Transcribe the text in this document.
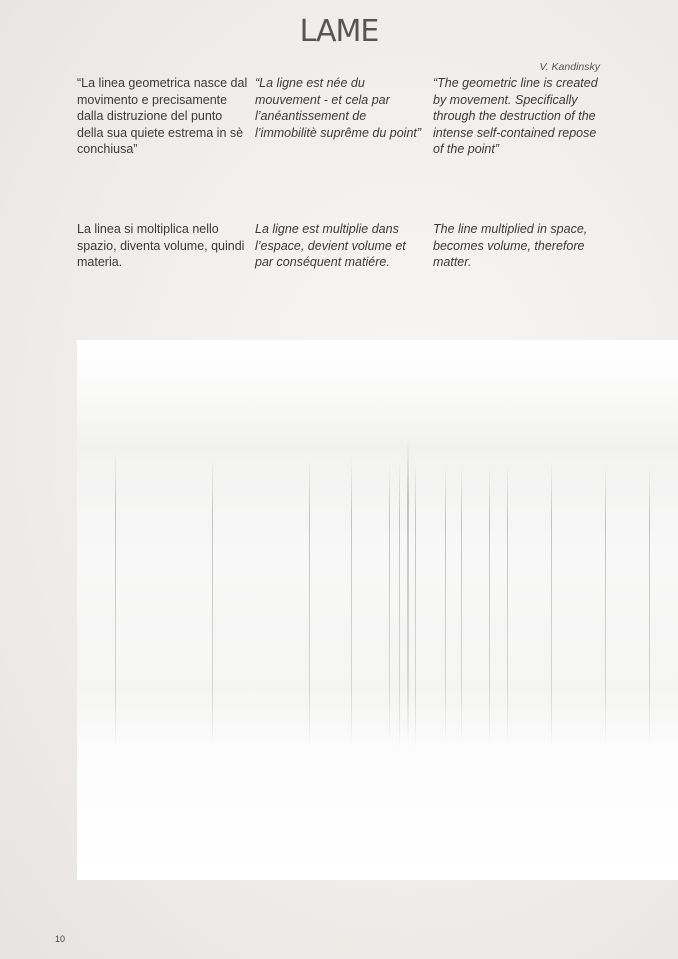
LAME
V. Kandinsky
“La linea geometrica nasce dal movimento e precisamente dalla distruzione del punto della sua quiete estrema in sè conchiusa”
“La ligne est née du mouvement - et cela par l’anéantissement de l’immobilitè suprême du point”
“The geometric line is created by movement. Specifically through the destruction of the intense self-contained repose of the point”
La linea si moltiplica nello spazio, diventa volume, quindi materia.
La ligne est multiplie dans l’espace, devient volume et par conséquent matiére.
The line multiplied in space, becomes volume, therefore matter.
10
